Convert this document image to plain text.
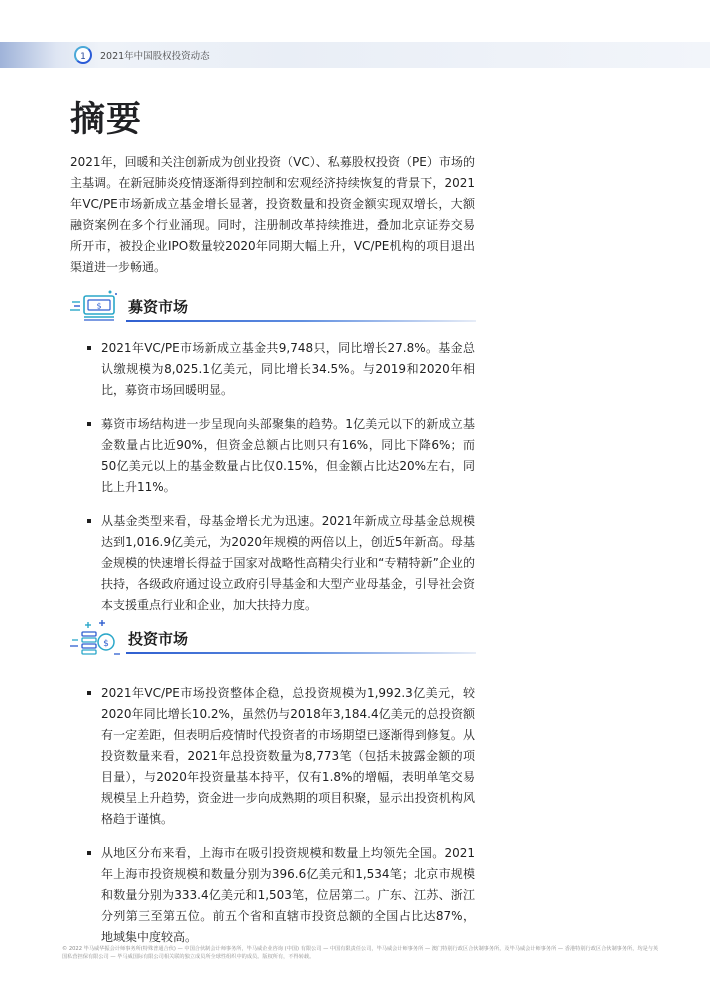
1	2021年中国股权投资动态
摘要
2021年，回暖和关注创新成为创业投资（VC）、私募股权投资（PE）市场的主基调。在新冠肺炎疫情逐渐得到控制和宏观经济持续恢复的背景下，2021年VC/PE市场新成立基金增长显著，投资数量和投资金额实现双增长，大额融资案例在多个行业涌现。同时，注册制改革持续推进，叠加北京证券交易所开市，被投企业IPO数量较2020年同期大幅上升，VC/PE机构的项目退出渠道进一步畅通。
$ 募资市场
2021年VC/PE市场新成立基金共9,748只，同比增长27.8%。基金总认缴规模为8,025.1亿美元，同比增长34.5%。与2019和2020年相比，募资市场回暖明显。
募资市场结构进一步呈现向头部聚集的趋势。1亿美元以下的新成立基金数量占比近90%，但资金总额占比则只有16%，同比下降6%；而50亿美元以上的基金数量占比仅0.15%，但金额占比达20%左右，同比上升11%。
从基金类型来看，母基金增长尤为迅速。2021年新成立母基金总规模达到1,016.9亿美元，为2020年规模的两倍以上，创近5年新高。母基金规模的快速增长得益于国家对战略性高精尖行业和“专精特新”企业的扶持，各级政府通过设立政府引导基金和大型产业母基金，引导社会资本支援重点行业和企业，加大扶持力度。
$ 投资市场
2021年VC/PE市场投资整体企稳，总投资规模为1,992.3亿美元，较2020年同比增长10.2%，虽然仍与2018年3,184.4亿美元的总投资额有一定差距，但表明后疫情时代投资者的市场期望已逐渐得到修复。从投资数量来看，2021年总投资数量为8,773笔（包括未披露金额的项目量），与2020年投资量基本持平，仅有1.8%的增幅，表明单笔交易规模呈上升趋势，资金进一步向成熟期的项目积聚，显示出投资机构风格趋于谨慎。
从地区分布来看，上海市在吸引投资规模和数量上均领先全国。2021年上海市投资规模和数量分别为396.6亿美元和1,534笔；北京市规模和数量分别为333.4亿美元和1,503笔，位居第二。广东、江苏、浙江分列第三至第五位。前五个省和直辖市投资总额的全国占比达87%，地域集中度较高。
© 2022 毕马威华振会计师事务所(特殊普通合伙) — 中国合伙制会计师事务所，毕马威企业咨询 (中国) 有限公司 — 中国有限责任公司，毕马威会计师事务所 — 澳门特别行政区合伙制事务所，及毕马威会计师事务所 — 香港特别行政区合伙制事务所，均是与英国私营担保有限公司 — 毕马威国际有限公司相关联的独立成员所全球性组织中的成员。版权所有，不得转载。
